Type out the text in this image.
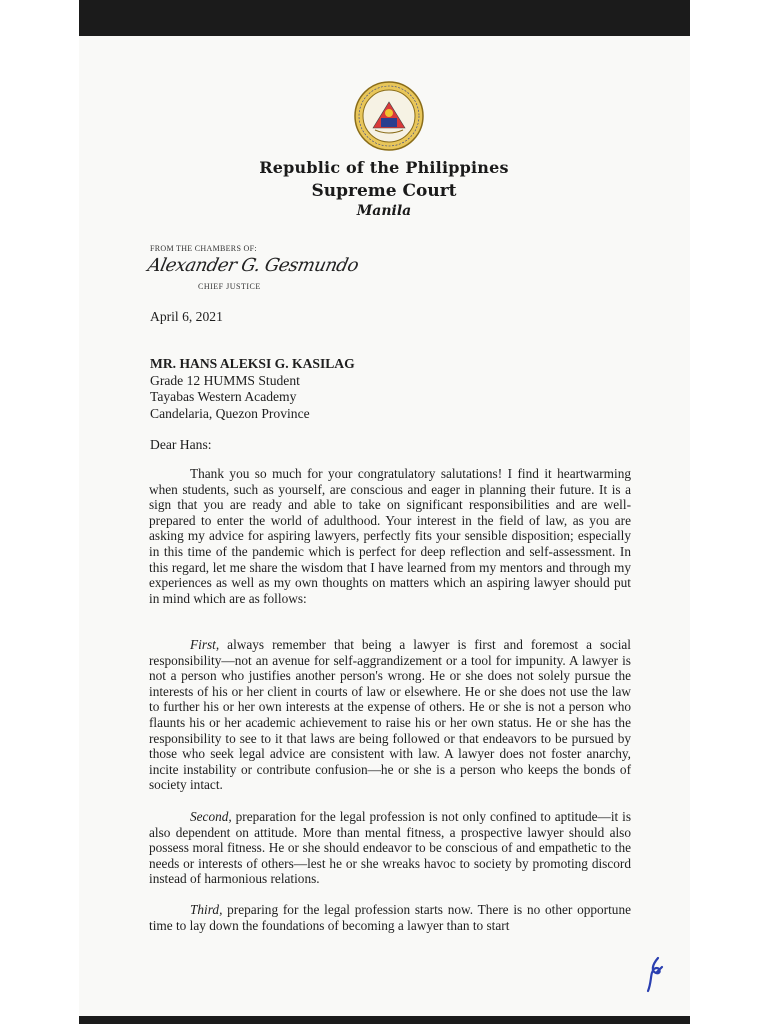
Republic of the Philippines
Supreme Court
Manila
FROM THE CHAMBERS OF:
Alexander G. Gesmundo
CHIEF JUSTICE
April 6, 2021
MR. HANS ALEKSI G. KASILAG
Grade 12 HUMMS Student
Tayabas Western Academy
Candelaria, Quezon Province
Dear Hans:
Thank you so much for your congratulatory salutations! I find it heartwarming when students, such as yourself, are conscious and eager in planning their future. It is a sign that you are ready and able to take on significant responsibilities and are well-prepared to enter the world of adulthood. Your interest in the field of law, as you are asking my advice for aspiring lawyers, perfectly fits your sensible disposition; especially in this time of the pandemic which is perfect for deep reflection and self-assessment. In this regard, let me share the wisdom that I have learned from my mentors and through my experiences as well as my own thoughts on matters which an aspiring lawyer should put in mind which are as follows:
First, always remember that being a lawyer is first and foremost a social responsibility—not an avenue for self-aggrandizement or a tool for impunity. A lawyer is not a person who justifies another person's wrong. He or she does not solely pursue the interests of his or her client in courts of law or elsewhere. He or she does not use the law to further his or her own interests at the expense of others. He or she is not a person who flaunts his or her academic achievement to raise his or her own status. He or she has the responsibility to see to it that laws are being followed or that endeavors to be pursued by those who seek legal advice are consistent with law. A lawyer does not foster anarchy, incite instability or contribute confusion—he or she is a person who keeps the bonds of society intact.
Second, preparation for the legal profession is not only confined to aptitude—it is also dependent on attitude. More than mental fitness, a prospective lawyer should also possess moral fitness. He or she should endeavor to be conscious of and empathetic to the needs or interests of others—lest he or she wreaks havoc to society by promoting discord instead of harmonious relations.
Third, preparing for the legal profession starts now. There is no other opportune time to lay down the foundations of becoming a lawyer than to start
